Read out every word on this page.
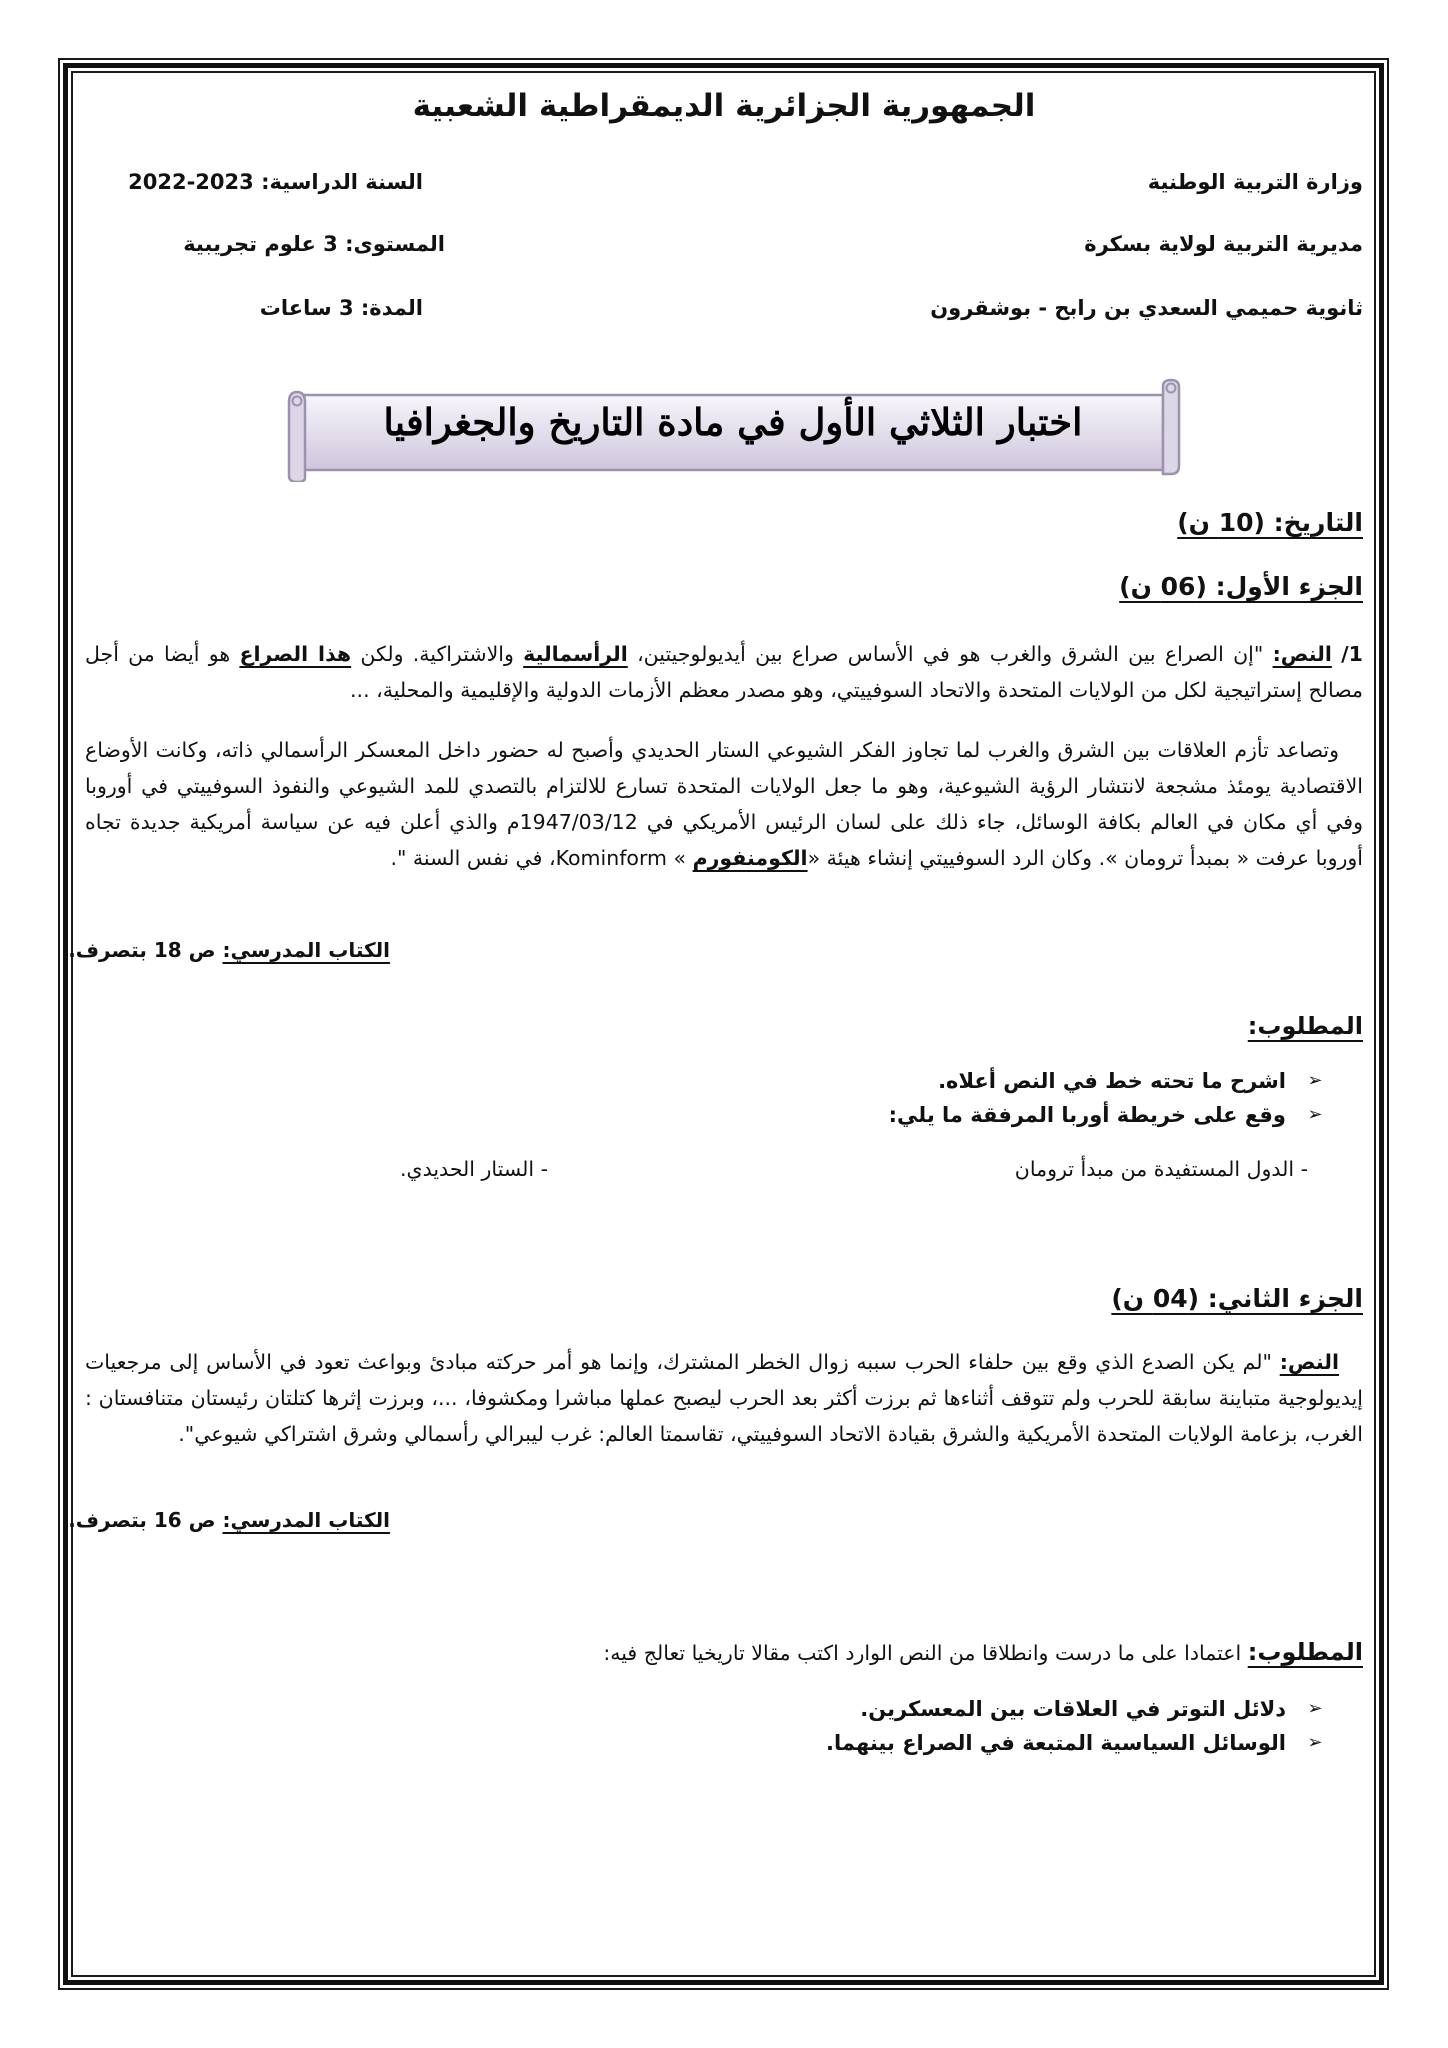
الجمهورية الجزائرية الديمقراطية الشعبية
وزارة التربية الوطنية
مديرية التربية لولاية بسكرة
ثانوية حميمي السعدي بن رابح - بوشقرون
السنة الدراسية: 2022-2023
المستوى: 3 علوم تجريبية
المدة: 3 ساعات
اختبار الثلاثي الأول في مادة التاريخ والجغرافيا
التاريخ: (10 ن)
الجزء الأول: (06 ن)
1/ النص: "إن الصراع بين الشرق والغرب هو في الأساس صراع بين أيديولوجيتين، الرأسمالية والاشتراكية. ولكن هذا الصراع هو أيضا من أجل مصالح إستراتيجية لكل من الولايات المتحدة والاتحاد السوفييتي، وهو مصدر معظم الأزمات الدولية والإقليمية والمحلية، ...
وتصاعد تأزم العلاقات بين الشرق والغرب لما تجاوز الفكر الشيوعي الستار الحديدي وأصبح له حضور داخل المعسكر الرأسمالي ذاته، وكانت الأوضاع الاقتصادية يومئذ مشجعة لانتشار الرؤية الشيوعية، وهو ما جعل الولايات المتحدة تسارع للالتزام بالتصدي للمد الشيوعي والنفوذ السوفييتي في أوروبا وفي أي مكان في العالم بكافة الوسائل، جاء ذلك على لسان الرئيس الأمريكي في 1947/03/12م والذي أعلن فيه عن سياسة أمريكية جديدة تجاه أوروبا عرفت « بمبدأ ترومان ». وكان الرد السوفييتي إنشاء هيئة «الكومنفورم » Kominform، في نفس السنة ".
الكتاب المدرسي: ص 18 بتصرف.
المطلوب:
➢
اشرح ما تحته خط في النص أعلاه.
➢
وقع على خريطة أوربا المرفقة ما يلي:
- الدول المستفيدة من مبدأ ترومان
- الستار الحديدي.
الجزء الثاني: (04 ن)
النص: "لم يكن الصدع الذي وقع بين حلفاء الحرب سببه زوال الخطر المشترك، وإنما هو أمر حركته مبادئ وبواعث تعود في الأساس إلى مرجعيات إيديولوجية متباينة سابقة للحرب ولم تتوقف أثناءها ثم برزت أكثر بعد الحرب ليصبح عملها مباشرا ومكشوفا، ...، وبرزت إثرها كتلتان رئيستان متنافستان : الغرب، بزعامة الولايات المتحدة الأمريكية والشرق بقيادة الاتحاد السوفييتي، تقاسمتا العالم: غرب ليبرالي رأسمالي وشرق اشتراكي شيوعي".
الكتاب المدرسي: ص 16 بتصرف.
المطلوب: اعتمادا على ما درست وانطلاقا من النص الوارد اكتب مقالا تاريخيا تعالج فيه:
➢
دلائل التوتر في العلاقات بين المعسكرين.
➢
الوسائل السياسية المتبعة في الصراع بينهما.
